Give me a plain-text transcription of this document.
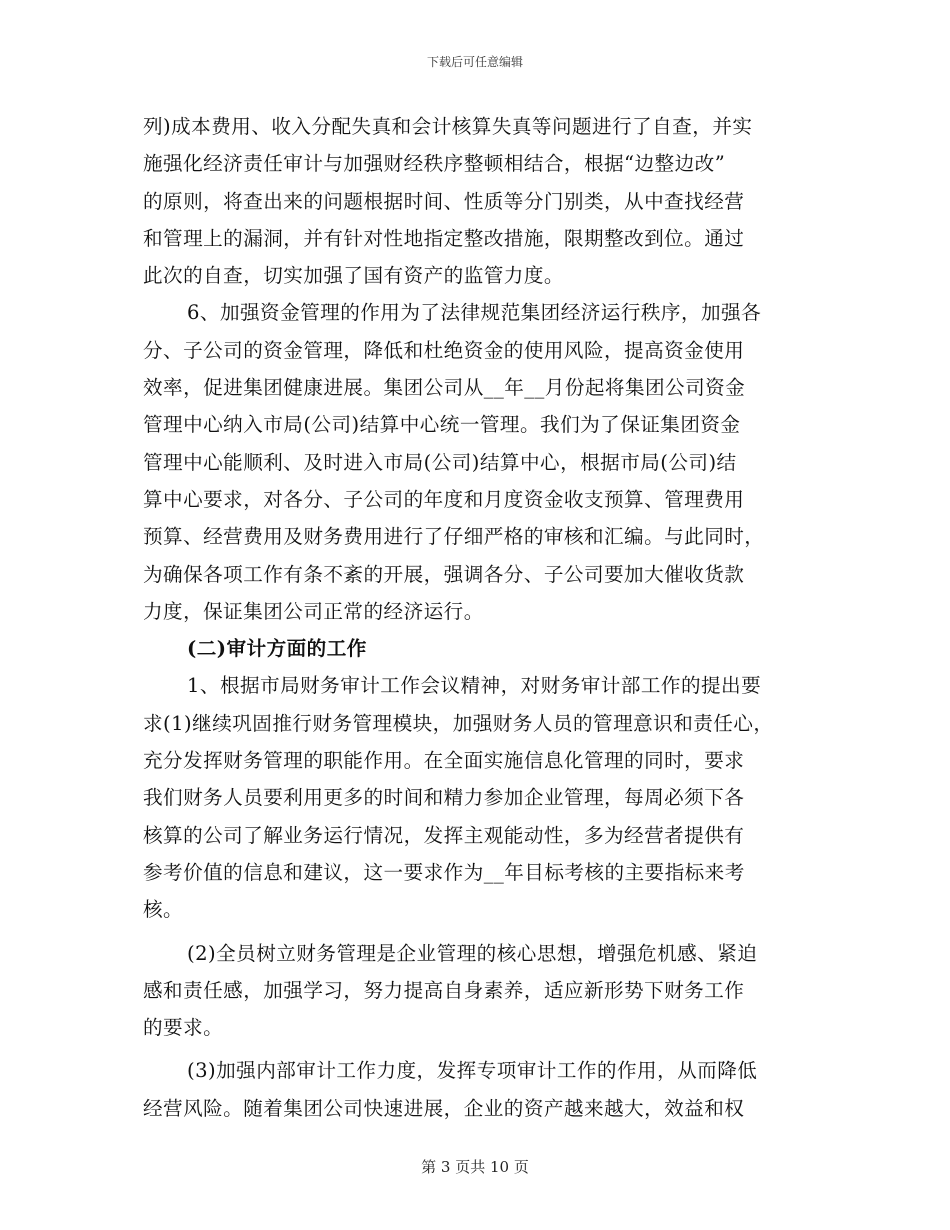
下载后可任意编辑
列)成本费用、收入分配失真和会计核算失真等问题进行了自查，并实
施强化经济责任审计与加强财经秩序整顿相结合，根据“边整边改”
的原则，将查出来的问题根据时间、性质等分门别类，从中查找经营
和管理上的漏洞，并有针对性地指定整改措施，限期整改到位。通过
此次的自查，切实加强了国有资产的监管力度。
6、加强资金管理的作用为了法律规范集团经济运行秩序，加强各
分、子公司的资金管理，降低和杜绝资金的使用风险，提高资金使用
效率，促进集团健康进展。集团公司从__年__月份起将集团公司资金
管理中心纳入市局(公司)结算中心统一管理。我们为了保证集团资金
管理中心能顺利、及时进入市局(公司)结算中心，根据市局(公司)结
算中心要求，对各分、子公司的年度和月度资金收支预算、管理费用
预算、经营费用及财务费用进行了仔细严格的审核和汇编。与此同时，
为确保各项工作有条不紊的开展，强调各分、子公司要加大催收货款
力度，保证集团公司正常的经济运行。
(二)审计方面的工作
1、根据市局财务审计工作会议精神，对财务审计部工作的提出要
求(1)继续巩固推行财务管理模块，加强财务人员的管理意识和责任心，
充分发挥财务管理的职能作用。在全面实施信息化管理的同时，要求
我们财务人员要利用更多的时间和精力参加企业管理，每周必须下各
核算的公司了解业务运行情况，发挥主观能动性，多为经营者提供有
参考价值的信息和建议，这一要求作为__年目标考核的主要指标来考
核。
(2)全员树立财务管理是企业管理的核心思想，增强危机感、紧迫
感和责任感，加强学习，努力提高自身素养，适应新形势下财务工作
的要求。
(3)加强内部审计工作力度，发挥专项审计工作的作用，从而降低
经营风险。随着集团公司快速进展，企业的资产越来越大，效益和权
第 3 页共 10 页
